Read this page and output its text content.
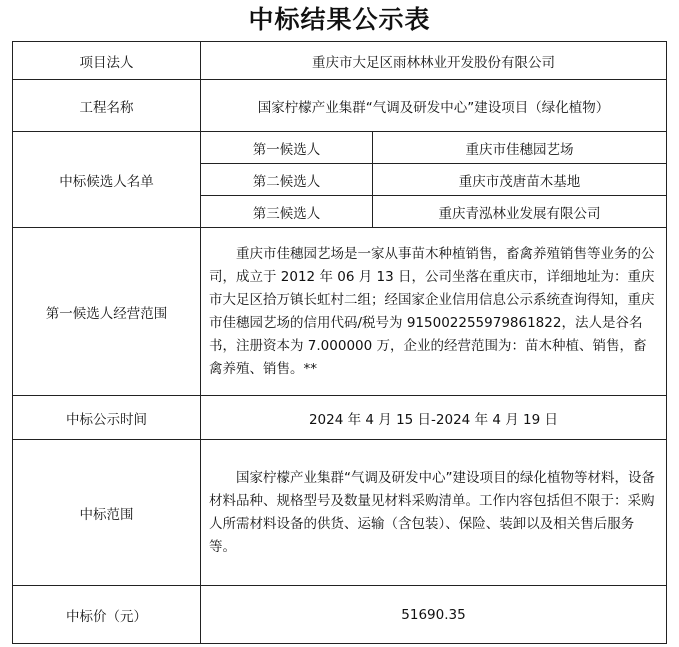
中标结果公示表
项目法人	重庆市大足区雨林林业开发股份有限公司	
工程名称	国家柠檬产业集群“气调及研发中心”建设项目（绿化植物）	
中标候选人名单	第一候选人	重庆市佳穗园艺场
	第二候选人	重庆市茂唐苗木基地
	第三候选人	重庆青泓林业发展有限公司
第一候选人经营范围	重庆市佳穗园艺场是一家从事苗木种植销售，畜禽养殖销售等业务的公司，成立于 2012 年 06 月 13 日，公司坐落在重庆市，详细地址为：重庆市大足区拾万镇长虹村二组；经国家企业信用信息公示系统查询得知，重庆市佳穗园艺场的信用代码/税号为 915002255979861822，法人是谷名书，注册资本为 7.000000 万，企业的经营范围为：苗木种植、销售，畜禽养殖、销售。**	

中标公示时间	2024 年 4 月 15 日-2024 年 4 月 19 日	
中标范围	国家柠檬产业集群“气调及研发中心”建设项目的绿化植物等材料，设备材料品种、规格型号及数量见材料采购清单。工作内容包括但不限于：采购人所需材料设备的供货、运输（含包装）、保险、装卸以及相关售后服务等。	

中标价（元）	51690.35	
